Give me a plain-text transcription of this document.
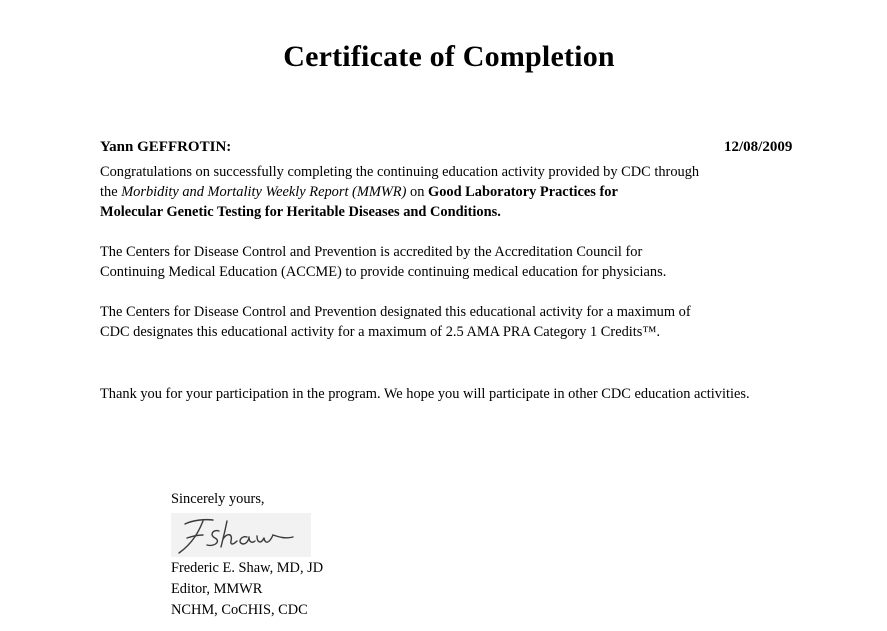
Certificate of Completion
Yann GEFFROTIN:	12/08/2009
Congratulations on successfully completing the continuing education activity provided by CDC through
the Morbidity and Mortality Weekly Report (MMWR) on Good Laboratory Practices for
Molecular Genetic Testing for Heritable Diseases and Conditions.
The Centers for Disease Control and Prevention is accredited by the Accreditation Council for
Continuing Medical Education (ACCME) to provide continuing medical education for physicians.
The Centers for Disease Control and Prevention designated this educational activity for a maximum of
CDC designates this educational activity for a maximum of 2.5 AMA PRA Category 1 Credits™.
Thank you for your participation in the program. We hope you will participate in other CDC education activities.
Sincerely yours,
Frederic E. Shaw, MD, JD
Editor, MMWR
NCHM, CoCHIS, CDC
